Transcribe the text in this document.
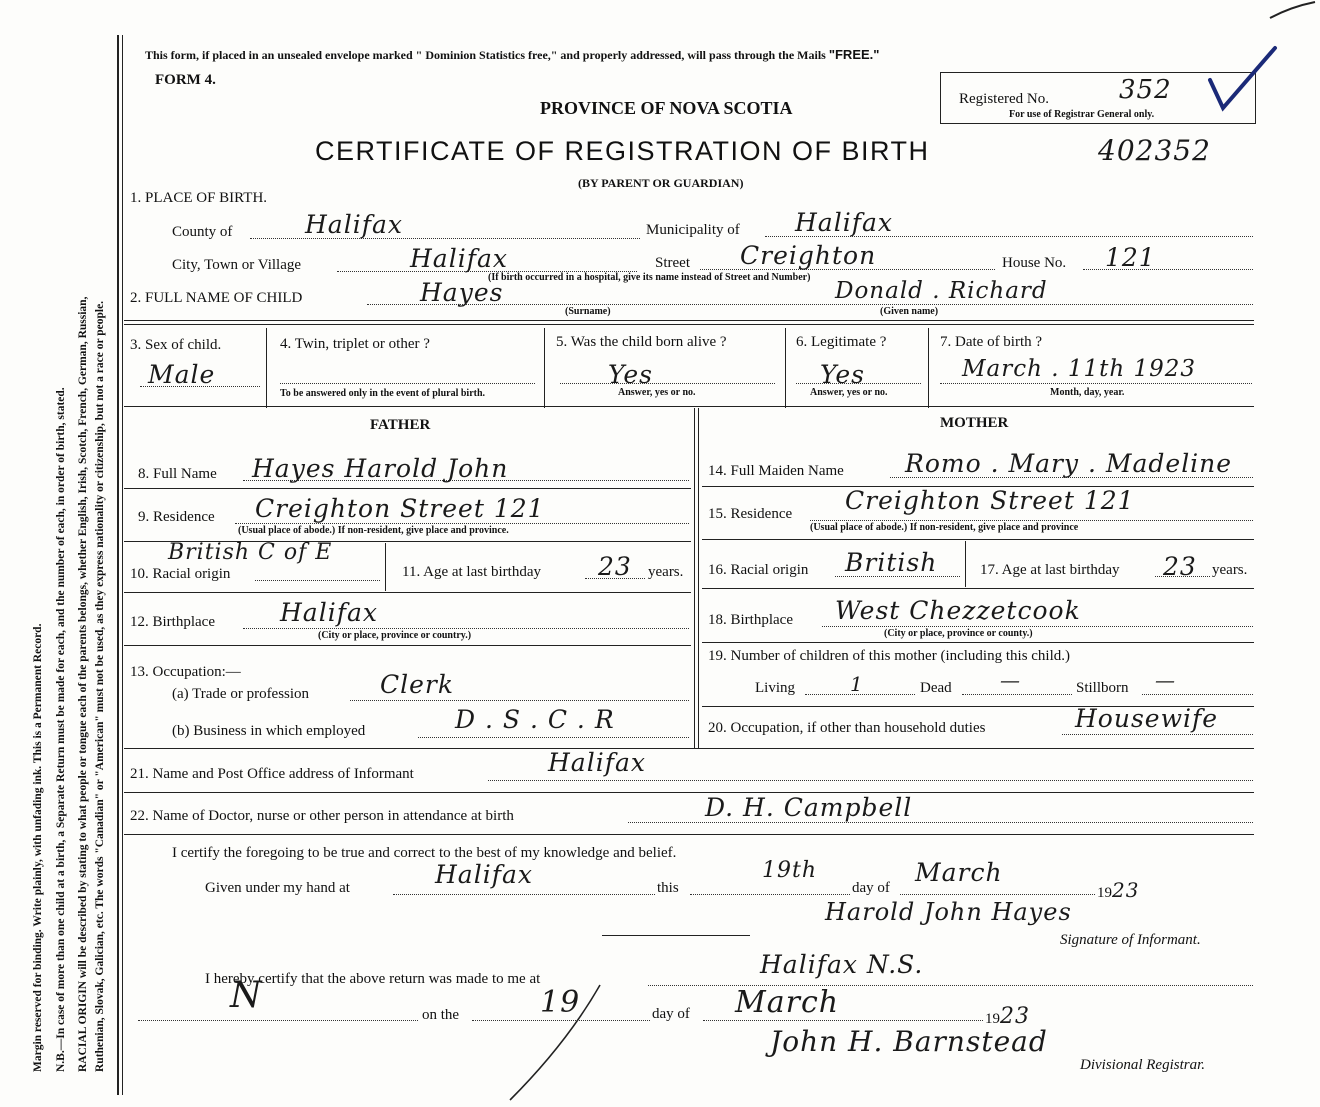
Margin reserved for binding. Write plainly, with unfading ink. This is a Permanent Record. N.B.—In case of more than one child at a birth, a Separate Return must be made for each, and the number of each, in order of birth, stated. RACIAL ORIGIN will be described by stating to what people or tongue each of the parents belongs, whether English, Irish, Scotch, French, German, Russian, Ruthenian, Slovak, Galician, etc. The words "Canadian" or "American" must not be used, as they express nationality or citizenship, but not a race or people.
This form, if placed in an unsealed envelope marked " Dominion Statistics free," and properly addressed, will pass through the Mails "FREE."
FORM 4.
PROVINCE OF NOVA SCOTIA	Registered No.	352
For use of Registrar General only.
CERTIFICATE OF REGISTRATION OF BIRTH	402352
(BY PARENT OR GUARDIAN)
1. PLACE OF BIRTH.
County of	Halifax	Municipality of Halifax
City, Town or Village	Halifax	Street Creighton	House No. 121
(If birth occurred in a hospital, give its name instead of Street and Number)
2. FULL NAME OF CHILD	Hayes
(Surname)
Donald . Richard
(Given name)
3. Sex of child.
Male
4. Twin, triplet or other ?
To be answered only in the event of plural birth.
5. Was the child born alive ?
Yes
Answer, yes or no.
6. Legitimate ?
Yes
Answer, yes or no.
7. Date of birth ?
March . 11th 1923
Month, day, year.
FATHER
8. Full Name Hayes Harold John
9. Residence Creighton Street 121
(Usual place of abode.) If non-resident, give place and province.
10. Racial origin
British C of E
11. Age at last birthday 23 years.
12. Birthplace	Halifax
(City or place, province or country.)
13. Occupation:—
(a) Trade or profession	Clerk
(b) Business in which employed	D . S . C . R
MOTHER
14. Full Maiden Name Romo . Mary . Madeline
15. Residence Creighton Street 121
(Usual place of abode.) If non-resident, give place and province
16. Racial origin British	17. Age at last birthday 23 years.
18. Birthplace West Chezzetcook
(City or place, province or county.)
19. Number of children of this mother (including this child.)
Living	1	Dead —	Stillborn —
20. Occupation, if other than household duties	Housewife
21. Name and Post Office address of Informant	Halifax
22. Name of Doctor, nurse or other person in attendance at birth	D. H. Campbell
I certify the foregoing to be true and correct to the best of my knowledge and belief.
Given under my hand at	Halifax	this
19th
day of
March
1923
Harold John Hayes
Signature of Informant.
I hereby certify that the above return was made to me at	Halifax N.S.
N	on the	19	day of March	1923
John H. Barnstead
Divisional Registrar.
